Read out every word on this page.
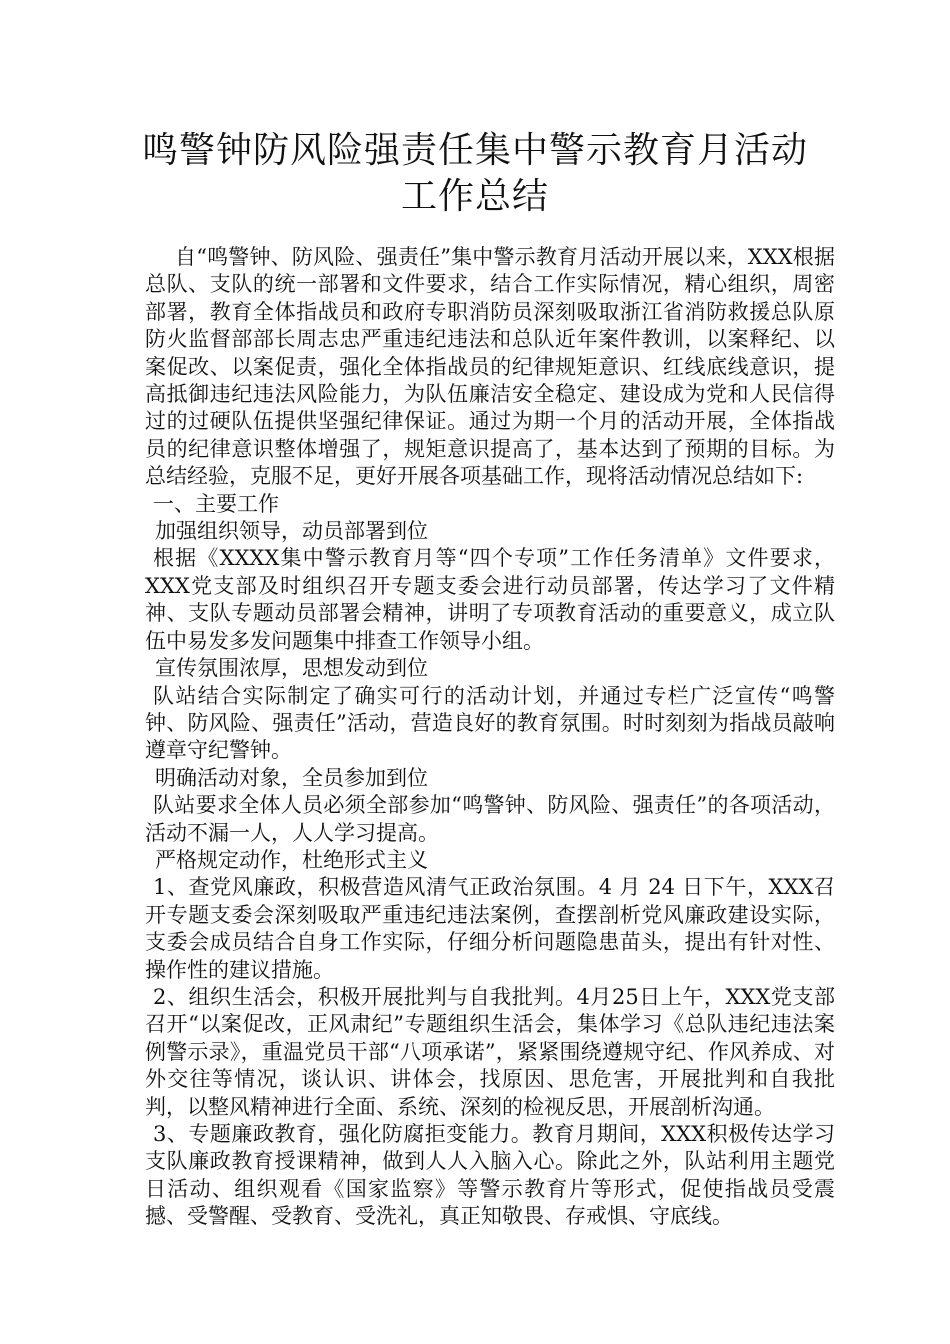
鸣警钟防风险强责任集中警示教育月活动
工作总结

自“鸣警钟、防风险、强责任”集中警示教育月活动开展以来，XXX根据总队、支队的统一部署和文件要求，结合工作实际情况，精心组织，周密部署，教育全体指战员和政府专职消防员深刻吸取浙江省消防救援总队原防火监督部部长周志忠严重违纪违法和总队近年案件教训，以案释纪、以案促改、以案促责，强化全体指战员的纪律规矩意识、红线底线意识，提高抵御违纪违法风险能力，为队伍廉洁安全稳定、建设成为党和人民信得过的过硬队伍提供坚强纪律保证。通过为期一个月的活动开展，全体指战员的纪律意识整体增强了，规矩意识提高了，基本达到了预期的目标。为总结经验，克服不足，更好开展各项基础工作，现将活动情况总结如下:

一、主要工作

加强组织领导，动员部署到位

根据《XXXX集中警示教育月等“四个专项”工作任务清单》文件要求，XXX党支部及时组织召开专题支委会进行动员部署，传达学习了文件精神、支队专题动员部署会精神，讲明了专项教育活动的重要意义，成立队伍中易发多发问题集中排查工作领导小组。

宣传氛围浓厚，思想发动到位

队站结合实际制定了确实可行的活动计划，并通过专栏广泛宣传“鸣警钟、防风险、强责任”活动，营造良好的教育氛围。时时刻刻为指战员敲响遵章守纪警钟。

明确活动对象，全员参加到位

队站要求全体人员必须全部参加“鸣警钟、防风险、强责任”的各项活动，活动不漏一人，人人学习提高。

严格规定动作，杜绝形式主义

1、查党风廉政，积极营造风清气正政治氛围。4 月 24 日下午，XXX召开专题支委会深刻吸取严重违纪违法案例，查摆剖析党风廉政建设实际，支委会成员结合自身工作实际，仔细分析问题隐患苗头，提出有针对性、操作性的建议措施。

2、组织生活会，积极开展批判与自我批判。4月25日上午，XXX党支部召开“以案促改，正风肃纪”专题组织生活会，集体学习《总队违纪违法案例警示录》，重温党员干部“八项承诺”，紧紧围绕遵规守纪、作风养成、对外交往等情况，谈认识、讲体会，找原因、思危害，开展批判和自我批判，以整风精神进行全面、系统、深刻的检视反思，开展剖析沟通。

3、专题廉政教育，强化防腐拒变能力。教育月期间，XXX积极传达学习支队廉政教育授课精神，做到人人入脑入心。除此之外，队站利用主题党日活动、组织观看《国家监察》等警示教育片等形式，促使指战员受震撼、受警醒、受教育、受洗礼，真正知敬畏、存戒惧、守底线。
